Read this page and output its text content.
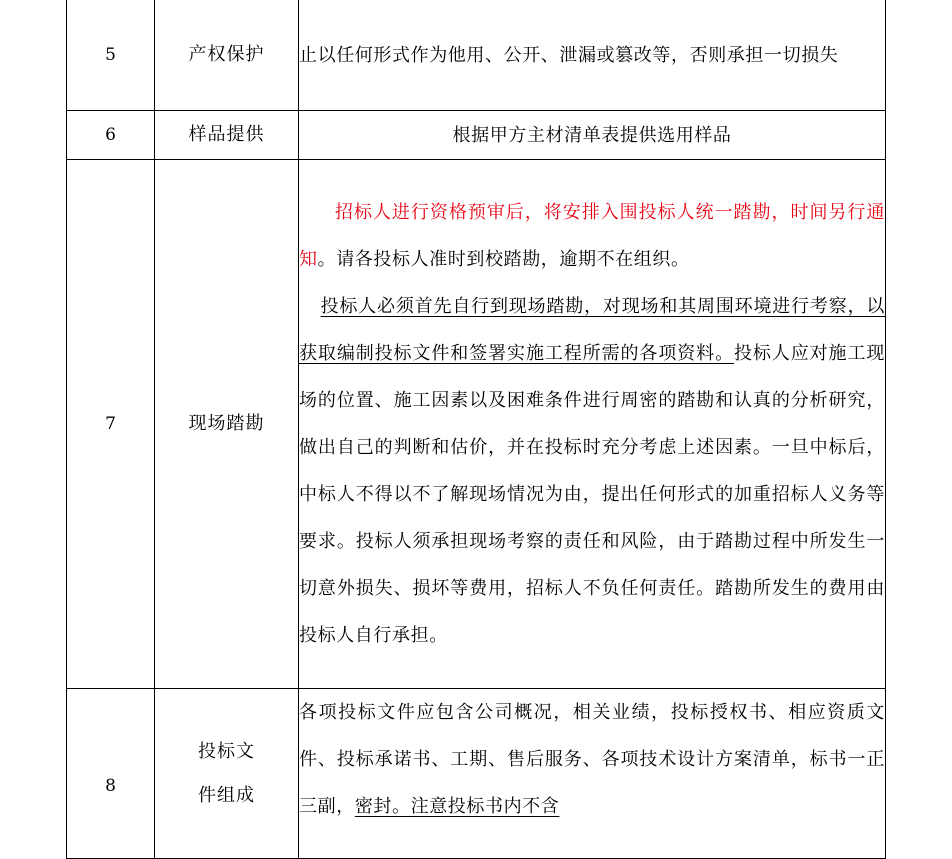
5	产权保护	止以任何形式作为他用、公开、泄漏或篡改等，否则承担一切损失

6	样品提供	根据甲方主材清单表提供选用样品

7	现场踏勘	招标人进行资格预审后，将安排入围投标人统一踏勘，时间另行通知。请各投标人准时到校踏勘，逾期不在组织。

投标人必须首先自行到现场踏勘，对现场和其周围环境进行考察，以获取编制投标文件和签署实施工程所需的各项资料。投标人应对施工现场的位置、施工因素以及困难条件进行周密的踏勘和认真的分析研究，做出自己的判断和估价，并在投标时充分考虑上述因素。一旦中标后，中标人不得以不了解现场情况为由，提出任何形式的加重招标人义务等要求。投标人须承担现场考察的责任和风险，由于踏勘过程中所发生一切意外损失、损坏等费用，招标人不负任何责任。踏勘所发生的费用由投标人自行承担。

8	投标文件组成	各项投标文件应包含公司概况，相关业绩，投标授权书、相应资质文件、投标承诺书、工期、售后服务、各项技术设计方案清单，标书一正三副，密封。注意投标书内不含
